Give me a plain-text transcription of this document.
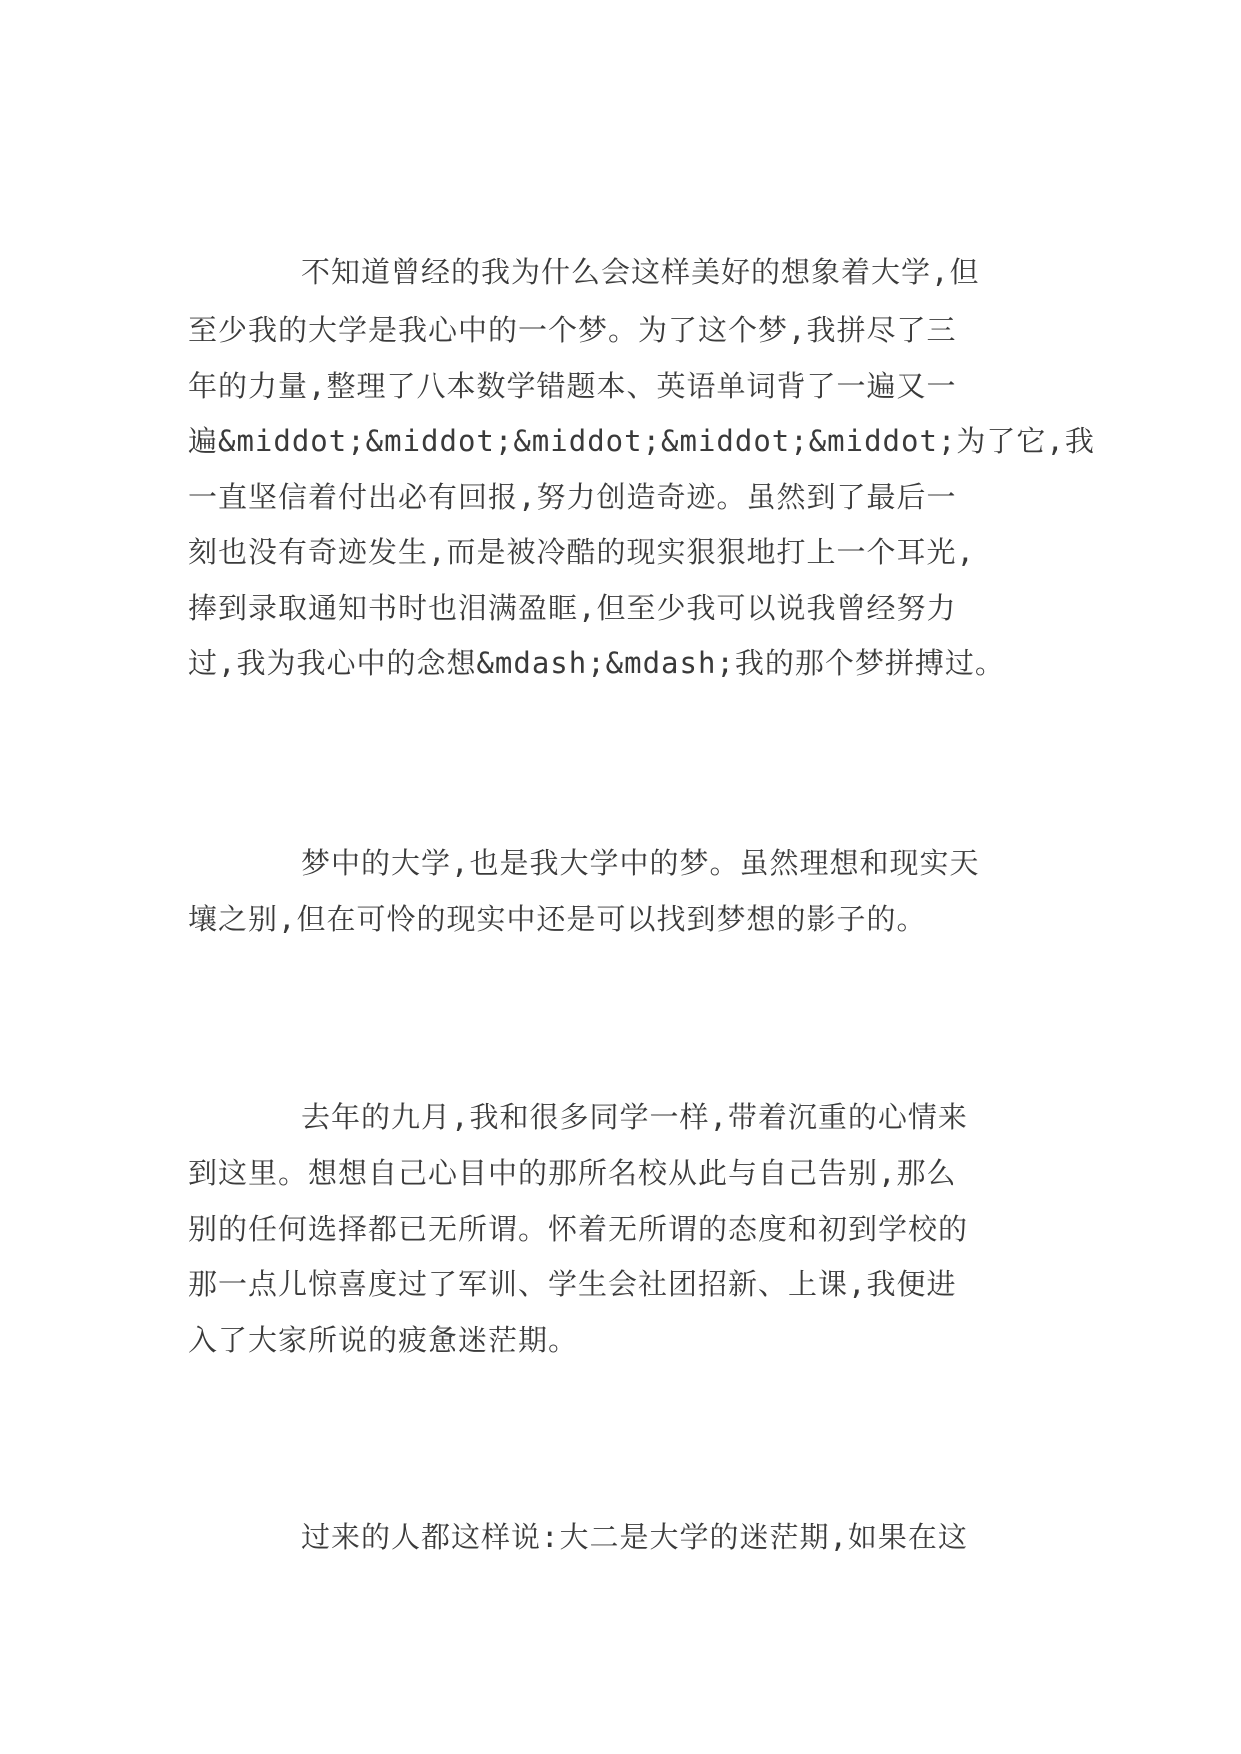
不知道曾经的我为什么会这样美好的想象着大学,但
至少我的大学是我心中的一个梦。为了这个梦,我拼尽了三
年的力量,整理了八本数学错题本、英语单词背了一遍又一
遍&middot;&middot;&middot;&middot;&middot;为了它,我
一直坚信着付出必有回报,努力创造奇迹。虽然到了最后一
刻也没有奇迹发生,而是被冷酷的现实狠狠地打上一个耳光,
捧到录取通知书时也泪满盈眶,但至少我可以说我曾经努力
过,我为我心中的念想&mdash;&mdash;我的那个梦拼搏过。
梦中的大学,也是我大学中的梦。虽然理想和现实天
壤之别,但在可怜的现实中还是可以找到梦想的影子的。
去年的九月,我和很多同学一样,带着沉重的心情来
到这里。想想自己心目中的那所名校从此与自己告别,那么
别的任何选择都已无所谓。怀着无所谓的态度和初到学校的
那一点儿惊喜度过了军训、学生会社团招新、上课,我便进
入了大家所说的疲惫迷茫期。
过来的人都这样说:大二是大学的迷茫期,如果在这
